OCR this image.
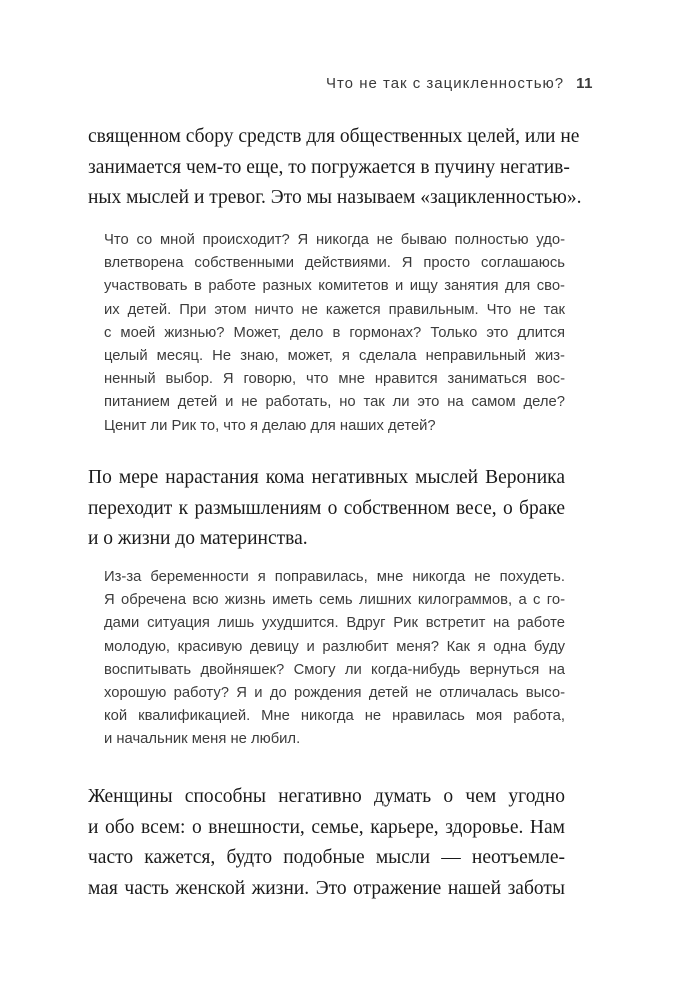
Что не так с зацикленностью? 11
священном сбору средств для общественных целей, или не
занимается чем-то еще, то погружается в пучину негатив-
ных мыслей и тревог. Это мы называем «зацикленностью».
Что со мной происходит? Я никогда не бываю полностью удо-
влетворена собственными действиями. Я просто соглашаюсь
участвовать в работе разных комитетов и ищу занятия для сво-
их детей. При этом ничто не кажется правильным. Что не так
с моей жизнью? Может, дело в гормонах? Только это длится
целый месяц. Не знаю, может, я сделала неправильный жиз-
ненный выбор. Я говорю, что мне нравится заниматься вос-
питанием детей и не работать, но так ли это на самом деле?
Ценит ли Рик то, что я делаю для наших детей?
По мере нарастания кома негативных мыслей Вероника
переходит к размышлениям о собственном весе, о браке
и о жизни до материнства.
Из-за беременности я поправилась, мне никогда не похудеть.
Я обречена всю жизнь иметь семь лишних килограммов, а с го-
дами ситуация лишь ухудшится. Вдруг Рик встретит на работе
молодую, красивую девицу и разлюбит меня? Как я одна буду
воспитывать двойняшек? Смогу ли когда-нибудь вернуться на
хорошую работу? Я и до рождения детей не отличалась высо-
кой квалификацией. Мне никогда не нравилась моя работа,
и начальник меня не любил.
Женщины способны негативно думать о чем угодно
и обо всем: о внешности, семье, карьере, здоровье. Нам
часто кажется, будто подобные мысли — неотъемле-
мая часть женской жизни. Это отражение нашей заботы
